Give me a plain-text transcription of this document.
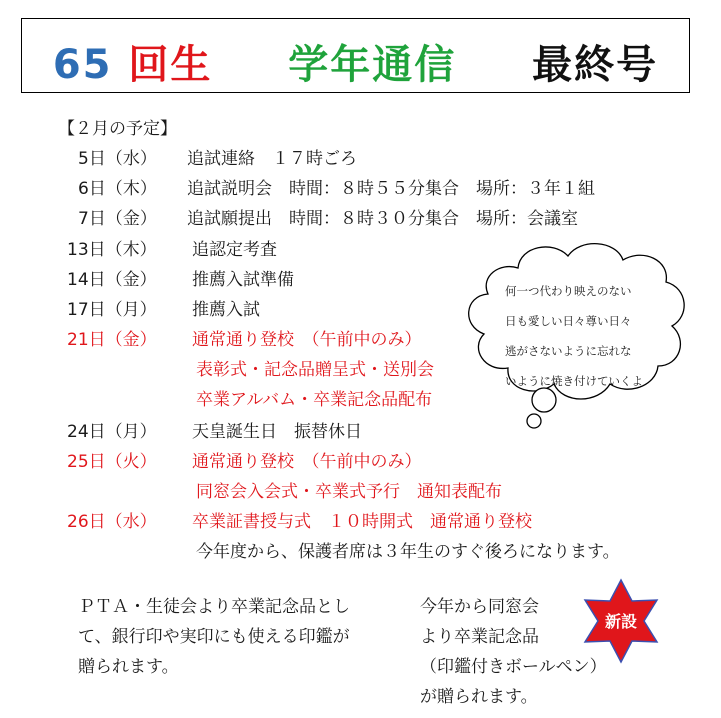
65 回生 学年通信 最終号
【２月の予定】
5日（水） 追試連絡　１７時ごろ
6日（木） 追試説明会　時間：８時５５分集合　場所：３年１組
7日（金） 追試願提出　時間：８時３０分集合　場所：会議室
13日（木） 追認定考査
14日（金） 推薦入試準備
17日（月） 推薦入試
21日（金） 通常通り登校　（午前中のみ）
表彰式・記念品贈呈式・送別会
卒業アルバム・卒業記念品配布
24日（月） 天皇誕生日　振替休日
25日（火） 通常通り登校　（午前中のみ）
同窓会入会式・卒業式予行　通知表配布
26日（水） 卒業証書授与式　１０時開式　通常通り登校
今年度から、保護者席は３年生のすぐ後ろになります。
何一つ代わり映えのない
日も愛しい日々尊い日々
逃がさないように忘れな
いように焼き付けていくよ
ＰＴＡ・生徒会より卒業記念品とし
て、銀行印や実印にも使える印鑑が
贈られます。
今年から同窓会
より卒業記念品
（印鑑付きボールペン）
が贈られます。
新設
